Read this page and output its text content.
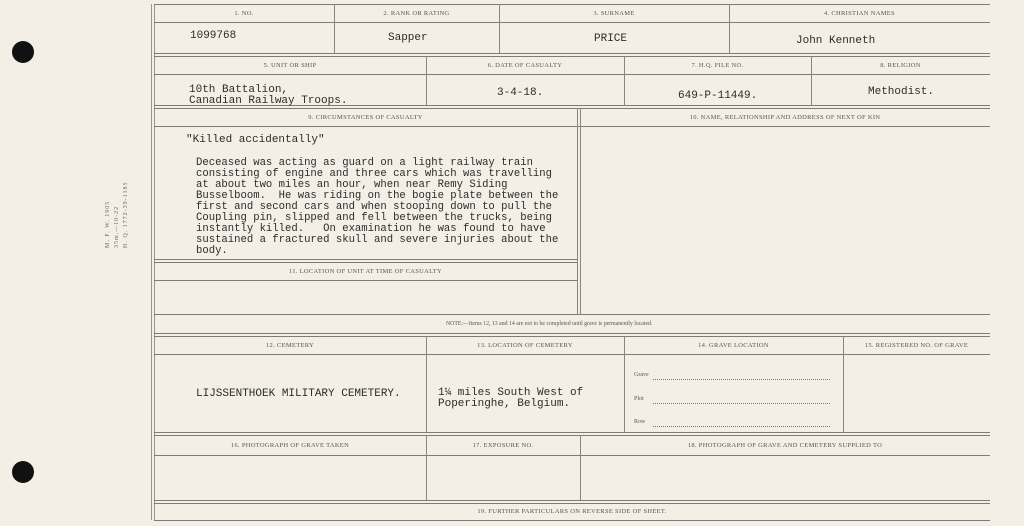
M. F. W. 1905 35m.—10-22 H. Q. 1772-39-1185
1. NO.	2. RANK OR RATING	3. SURNAME	4. CHRISTIAN NAMES
1099768	Sapper	PRICE	John Kenneth
5. UNIT OR SHIP	6. DATE OF CASUALTY	7. H.Q. FILE NO.	8. RELIGION
10th Battalion,
Canadian Railway Troops.
3-4-18.	649-P-11449.	Methodist.
9. CIRCUMSTANCES OF CASUALTY	10. NAME, RELATIONSHIP AND ADDRESS OF NEXT OF KIN
"Killed accidentally"
Deceased was acting as guard on a light railway train
consisting of engine and three cars which was travelling
at about two miles an hour, when near Remy Siding
Busselboom.  He was riding on the bogie plate between the
first and second cars and when stooping down to pull the
Coupling pin, slipped and fell between the trucks, being
instantly killed.   On examination he was found to have
sustained a fractured skull and severe injuries about the
body.
11. LOCATION OF UNIT AT TIME OF CASUALTY
NOTE:—Items 12, 13 and 14 are not to be completed until grave is permanently located.
12. CEMETERY	13. LOCATION OF CEMETERY	14. GRAVE LOCATION	15. REGISTERED NO. OF GRAVE
LIJSSENTHOEK MILITARY CEMETERY.	1¼ miles South West of
Poperinghe, Belgium.
Grave
Plot
Row
16. PHOTOGRAPH OF GRAVE TAKEN	17. EXPOSURE NO.	18. PHOTOGRAPH OF GRAVE AND CEMETERY SUPPLIED TO
19. FURTHER PARTICULARS ON REVERSE SIDE OF SHEET.
